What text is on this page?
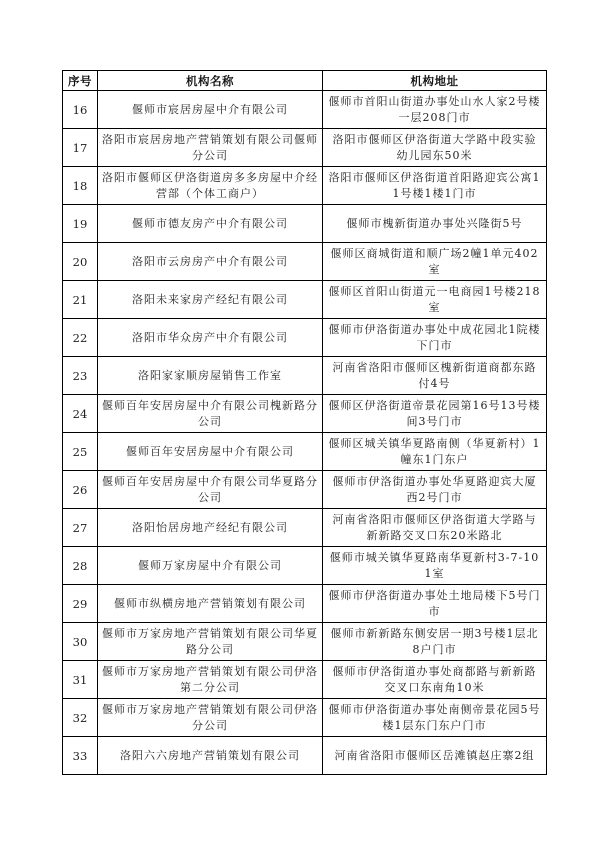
序号	机构名称	机构地址
16	偃师市宸居房屋中介有限公司	偃师市首阳山街道办事处山水人家2号楼一层208门市
17	洛阳市宸居房地产营销策划有限公司偃师分公司	洛阳市偃师区伊洛街道大学路中段实验幼儿园东50米
18	洛阳市偃师区伊洛街道房多多房屋中介经营部（个体工商户）	洛阳市偃师区伊洛街道首阳路迎宾公寓11号楼1楼1门市
19	偃师市德友房产中介有限公司	偃师市槐新街道办事处兴隆街5号
20	洛阳市云房房产中介有限公司	偃师区商城街道和顺广场2幢1单元402室
21	洛阳未来家房产经纪有限公司	偃师区首阳山街道元一电商园1号楼218室
22	洛阳市华众房产中介有限公司	偃师市伊洛街道办事处中成花园北1院楼下门市
23	洛阳家家顺房屋销售工作室	河南省洛阳市偃师区槐新街道商都东路付4号
24	偃师百年安居房屋中介有限公司槐新路分公司	偃师区伊洛街道帝景花园第16号13号楼间3号门市
25	偃师百年安居房屋中介有限公司	偃师区城关镇华夏路南侧（华夏新村）1幢东1门东户
26	偃师百年安居房屋中介有限公司华夏路分公司	偃师市伊洛街道办事处华夏路迎宾大厦西2号门市
27	洛阳怡居房地产经纪有限公司	河南省洛阳市偃师区伊洛街道大学路与新新路交叉口东20米路北
28	偃师万家房屋中介有限公司	偃师市城关镇华夏路南华夏新村3-7-101室
29	偃师市纵横房地产营销策划有限公司	偃师市伊洛街道办事处土地局楼下5号门市
30	偃师市万家房地产营销策划有限公司华夏路分公司	偃师市新新路东侧安居一期3号楼1层北8户门市
31	偃师市万家房地产营销策划有限公司伊洛第二分公司	偃师市伊洛街道办事处商都路与新新路交叉口东南角10米
32	偃师市万家房地产营销策划有限公司伊洛分公司	偃师市伊洛街道办事处南侧帝景花园5号楼1层东门东户门市
33	洛阳六六房地产营销策划有限公司	河南省洛阳市偃师区岳滩镇赵庄寨2组
